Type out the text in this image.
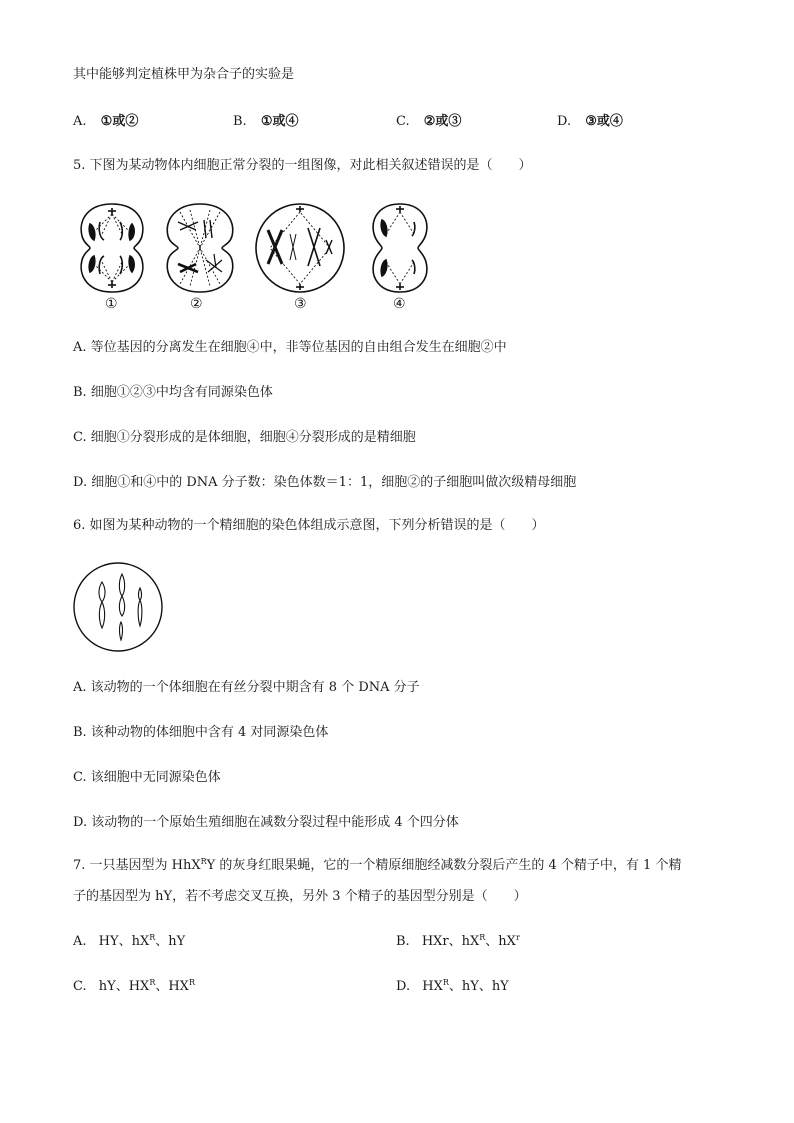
其中能够判定植株甲为杂合子的实验是
A. ①或②	B. ①或④	C. ②或③	D. ③或④
5. 下图为某动物体内细胞正常分裂的一组图像，对此相关叙述错误的是（　　）
①	②	③	④
A. 等位基因的分离发生在细胞④中，非等位基因的自由组合发生在细胞②中
B. 细胞①②③中均含有同源染色体
C. 细胞①分裂形成的是体细胞，细胞④分裂形成的是精细胞
D. 细胞①和④中的 DNA 分子数：染色体数＝1：1，细胞②的子细胞叫做次级精母细胞
6. 如图为某种动物的一个精细胞的染色体组成示意图，下列分析错误的是（　　）
A. 该动物的一个体细胞在有丝分裂中期含有 8 个 DNA 分子
B. 该种动物的体细胞中含有 4 对同源染色体
C. 该细胞中无同源染色体
D. 该动物的一个原始生殖细胞在减数分裂过程中能形成 4 个四分体
7. 一只基因型为 HhX$^R$Y 的灰身红眼果蝇，它的一个精原细胞经减数分裂后产生的 4 个精子中，有 1 个精
子的基因型为 hY，若不考虑交叉互换，另外 3 个精子的基因型分别是（　　）
A. HY、$hX^R$、hY	B. HXr、$hX^R$、$hX^r$
C. hY、$HX^R$、$HX^R$	D. $HX^R$、hY、hY
